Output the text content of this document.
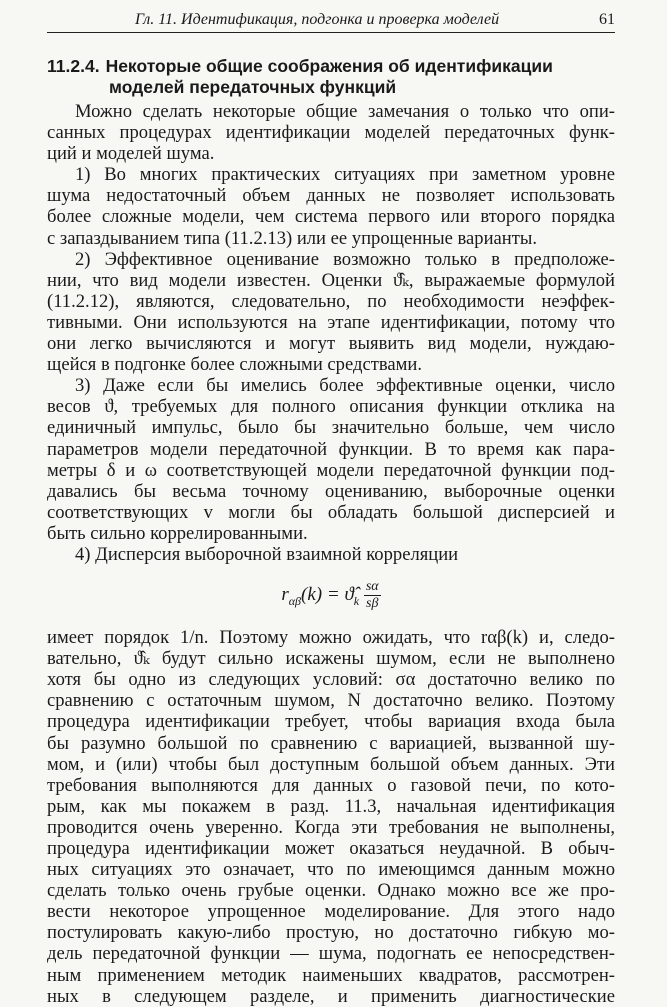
Гл. 11. Идентификация, подгонка и проверка моделей	61
11.2.4. Некоторые общие соображения об идентификации
моделей передаточных функций
Можно сделать некоторые общие замечания о только что опи-
санных процедурах идентификации моделей передаточных функ-
ций и моделей шума.
1) Во многих практических ситуациях при заметном уровне
шума недостаточный объем данных не позволяет использовать
более сложные модели, чем система первого или второго порядка
с запаздыванием типа (11.2.13) или ее упрощенные варианты.
2) Эффективное оценивание возможно только в предположе-
нии, что вид модели известен. Оценки ϑ̂ₖ, выражаемые формулой
(11.2.12), являются, следовательно, по необходимости неэффек-
тивными. Они используются на этапе идентификации, потому что
они легко вычисляются и могут выявить вид модели, нуждаю-
щейся в подгонке более сложными средствами.
3) Даже если бы имелись более эффективные оценки, число
весов ϑ, требуемых для полного описания функции отклика на
единичный импульс, было бы значительно больше, чем число
параметров модели передаточной функции. В то время как пара-
метры δ и ω соответствующей модели передаточной функции под-
давались бы весьма точному оцениванию, выборочные оценки
соответствующих v могли бы обладать большой дисперсией и
быть сильно коррелированными.
4) Дисперсия выборочной взаимной корреляции
$r_{\alpha\beta}(k)$ = $ϑ̂_k \frac{s\alpha}{s\beta}$
имеет порядок 1/n. Поэтому можно ожидать, что rαβ(k) и, следо-
вательно, ϑ̂ₖ будут сильно искажены шумом, если не выполнено
хотя бы одно из следующих условий: σα достаточно велико по
сравнению с остаточным шумом, N достаточно велико. Поэтому
процедура идентификации требует, чтобы вариация входа была
бы разумно большой по сравнению с вариацией, вызванной шу-
мом, и (или) чтобы был доступным большой объем данных. Эти
требования выполняются для данных о газовой печи, по кото-
рым, как мы покажем в разд. 11.3, начальная идентификация
проводится очень уверенно. Когда эти требования не выполнены,
процедура идентификации может оказаться неудачной. В обыч-
ных ситуациях это означает, что по имеющимся данным можно
сделать только очень грубые оценки. Однако можно все же про-
вести некоторое упрощенное моделирование. Для этого надо
постулировать какую-либо простую, но достаточно гибкую мо-
дель передаточной функции — шума, подогнать ее непосредствен-
ным применением методик наименьших квадратов, рассмотрен-
ных в следующем разделе, и применить диагностические
